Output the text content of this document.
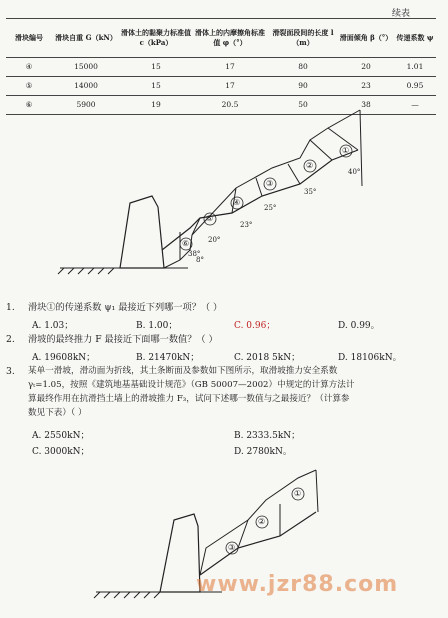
续表
滑块编号	滑块自重 G（kN）	滑体土的黏聚力标准值 c（kPa）	滑体上的内摩擦角标准值 φ（°）	滑裂面段间的长度 l（m）	滑面倾角 β（°）	传递系数 ψ
④	15000	15	17	80	20	1.01
⑤	14000	15	17	90	23	0.95
⑥	5900	19	20.5	50	38	—
①
②
③
④
⑤
⑥
40°
35°
25°
23°
20°
38°
8°
①
②
③
1. 滑块①的传递系数 ψ₁ 最接近下列哪一项？（ ）
A. 1.03；	B. 1.00；	C. 0.96；	D. 0.99。
2. 滑坡的最终推力 F 最接近下面哪一数值？（ ）
A. 19608kN；	B. 21470kN；	C. 2018 5kN；	D. 18106kN。
3. 某单一滑坡，滑动面为折线，其土条断面及参数如下图所示，取滑坡推力安全系数
γₜ=1.05，按照《建筑地基基础设计规范》（GB 50007—2002）中规定的计算方法计
算最终作用在抗滑挡土墙上的滑坡推力 F₃，试问下述哪一数值与之最接近？（计算参
数见下表）（ ）
A. 2550kN；	B. 2333.5kN；
C. 3000kN；	D. 2780kN。
www.jzr88.com
